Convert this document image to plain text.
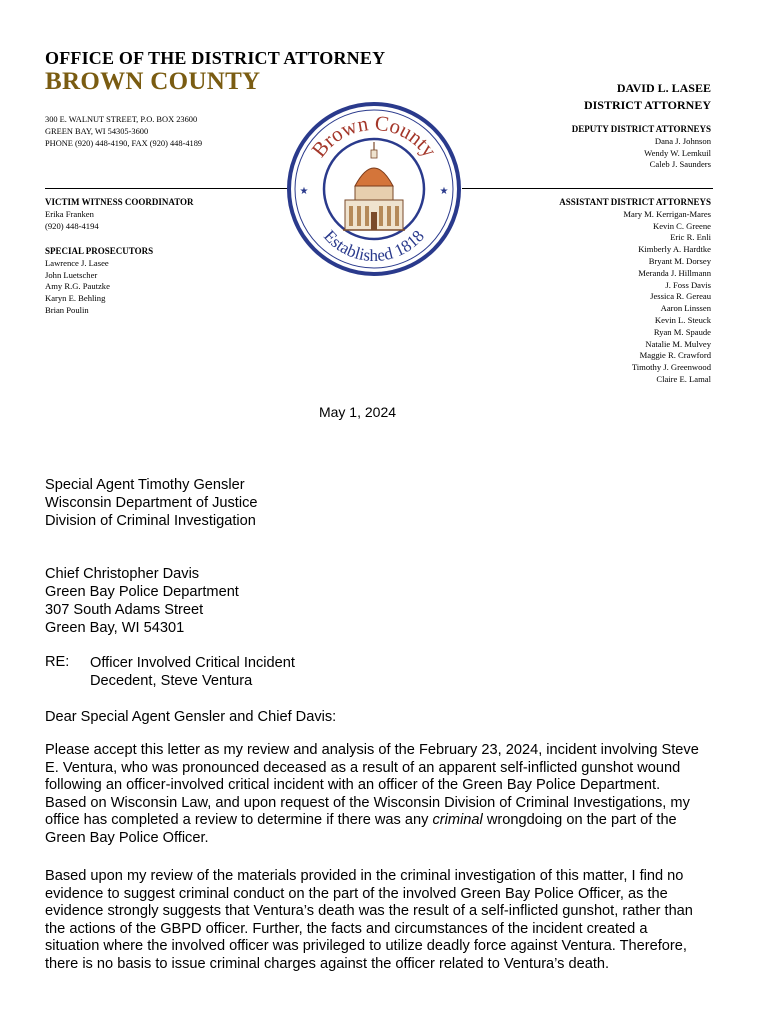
OFFICE OF THE DISTRICT ATTORNEY
BROWN COUNTY
300 E. WALNUT STREET, P.O. BOX 23600
GREEN BAY, WI 54305-3600
PHONE (920) 448-4190, FAX (920) 448-4189
DAVID L. LASEE
DISTRICT ATTORNEY
DEPUTY DISTRICT ATTORNEYS
Dana J. Johnson
Wendy W. Lemkuil
Caleb J. Saunders
VICTIM WITNESS COORDINATOR
Erika Franken
(920) 448-4194
SPECIAL PROSECUTORS
Lawrence J. Lasee
John Luetscher
Amy R.G. Pautzke
Karyn E. Behling
Brian Poulin
ASSISTANT DISTRICT ATTORNEYS
Mary M. Kerrigan-Mares
Kevin C. Greene
Eric R. Enli
Kimberly A. Hardtke
Bryant M. Dorsey
Meranda J. Hillmann
J. Foss Davis
Jessica R. Gereau
Aaron Linssen
Kevin L. Steuck
Ryan M. Spaude
Natalie M. Mulvey
Maggie R. Crawford
Timothy J. Greenwood
Claire E. Lamal
Brown County
Established 1818
★	★
May 1, 2024
Special Agent Timothy Gensler
Wisconsin Department of Justice
Division of Criminal Investigation
Chief Christopher Davis
Green Bay Police Department
307 South Adams Street
Green Bay, WI 54301
RE: Officer Involved Critical Incident
Decedent, Steve Ventura
Dear Special Agent Gensler and Chief Davis:
Please accept this letter as my review and analysis of the February 23, 2024, incident involving Steve
E. Ventura, who was pronounced deceased as a result of an apparent self-inflicted gunshot wound
following an officer-involved critical incident with an officer of the Green Bay Police Department.
Based on Wisconsin Law, and upon request of the Wisconsin Division of Criminal Investigations, my
office has completed a review to determine if there was any criminal wrongdoing on the part of the
Green Bay Police Officer.
Based upon my review of the materials provided in the criminal investigation of this matter, I find no
evidence to suggest criminal conduct on the part of the involved Green Bay Police Officer, as the
evidence strongly suggests that Ventura’s death was the result of a self-inflicted gunshot, rather than
the actions of the GBPD officer. Further, the facts and circumstances of the incident created a
situation where the involved officer was privileged to utilize deadly force against Ventura. Therefore,
there is no basis to issue criminal charges against the officer related to Ventura’s death.
